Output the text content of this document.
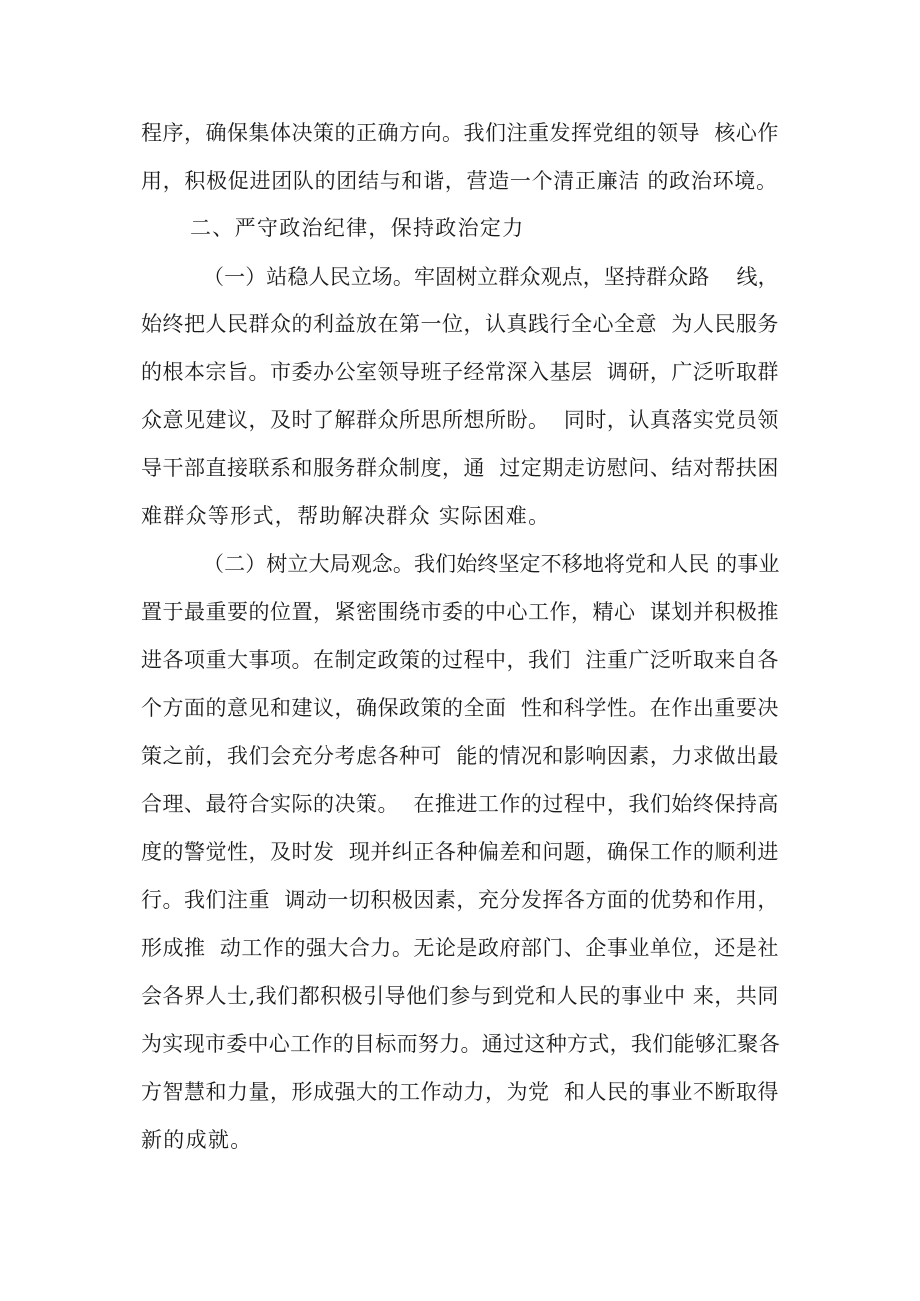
程序，确保集体决策的正确方向。我们注重发挥党组的领导  核心作
用，积极促进团队的团结与和谐，营造一个清正廉洁 的政治环境。
二、严守政治纪律，保持政治定力
（一）站稳人民立场。牢固树立群众观点，坚持群众路    线，
始终把人民群众的利益放在第一位，认真践行全心全意  为人民服务
的根本宗旨。市委办公室领导班子经常深入基层  调研，广泛听取群
众意见建议，及时了解群众所思所想所盼。  同时，认真落实党员领
导干部直接联系和服务群众制度，通  过定期走访慰问、结对帮扶困
难群众等形式，帮助解决群众 实际困难。
（二）树立大局观念。我们始终坚定不移地将党和人民 的事业
置于最重要的位置，紧密围绕市委的中心工作，精心  谋划并积极推
进各项重大事项。在制定政策的过程中，我们  注重广泛听取来自各
个方面的意见和建议，确保政策的全面  性和科学性。在作出重要决
策之前，我们会充分考虑各种可  能的情况和影响因素，力求做出最
合理、最符合实际的决策。  在推进工作的过程中，我们始终保持高
度的警觉性，及时发  现并纠正各种偏差和问题，确保工作的顺利进
行。我们注重  调动一切积极因素，充分发挥各方面的优势和作用，
形成推  动工作的强大合力。无论是政府部门、企事业单位，还是社
会各界人士,我们都积极引导他们参与到党和人民的事业中 来，共同
为实现市委中心工作的目标而努力。通过这种方式，我们能够汇聚各
方智慧和力量，形成强大的工作动力，为党  和人民的事业不断取得
新的成就。
